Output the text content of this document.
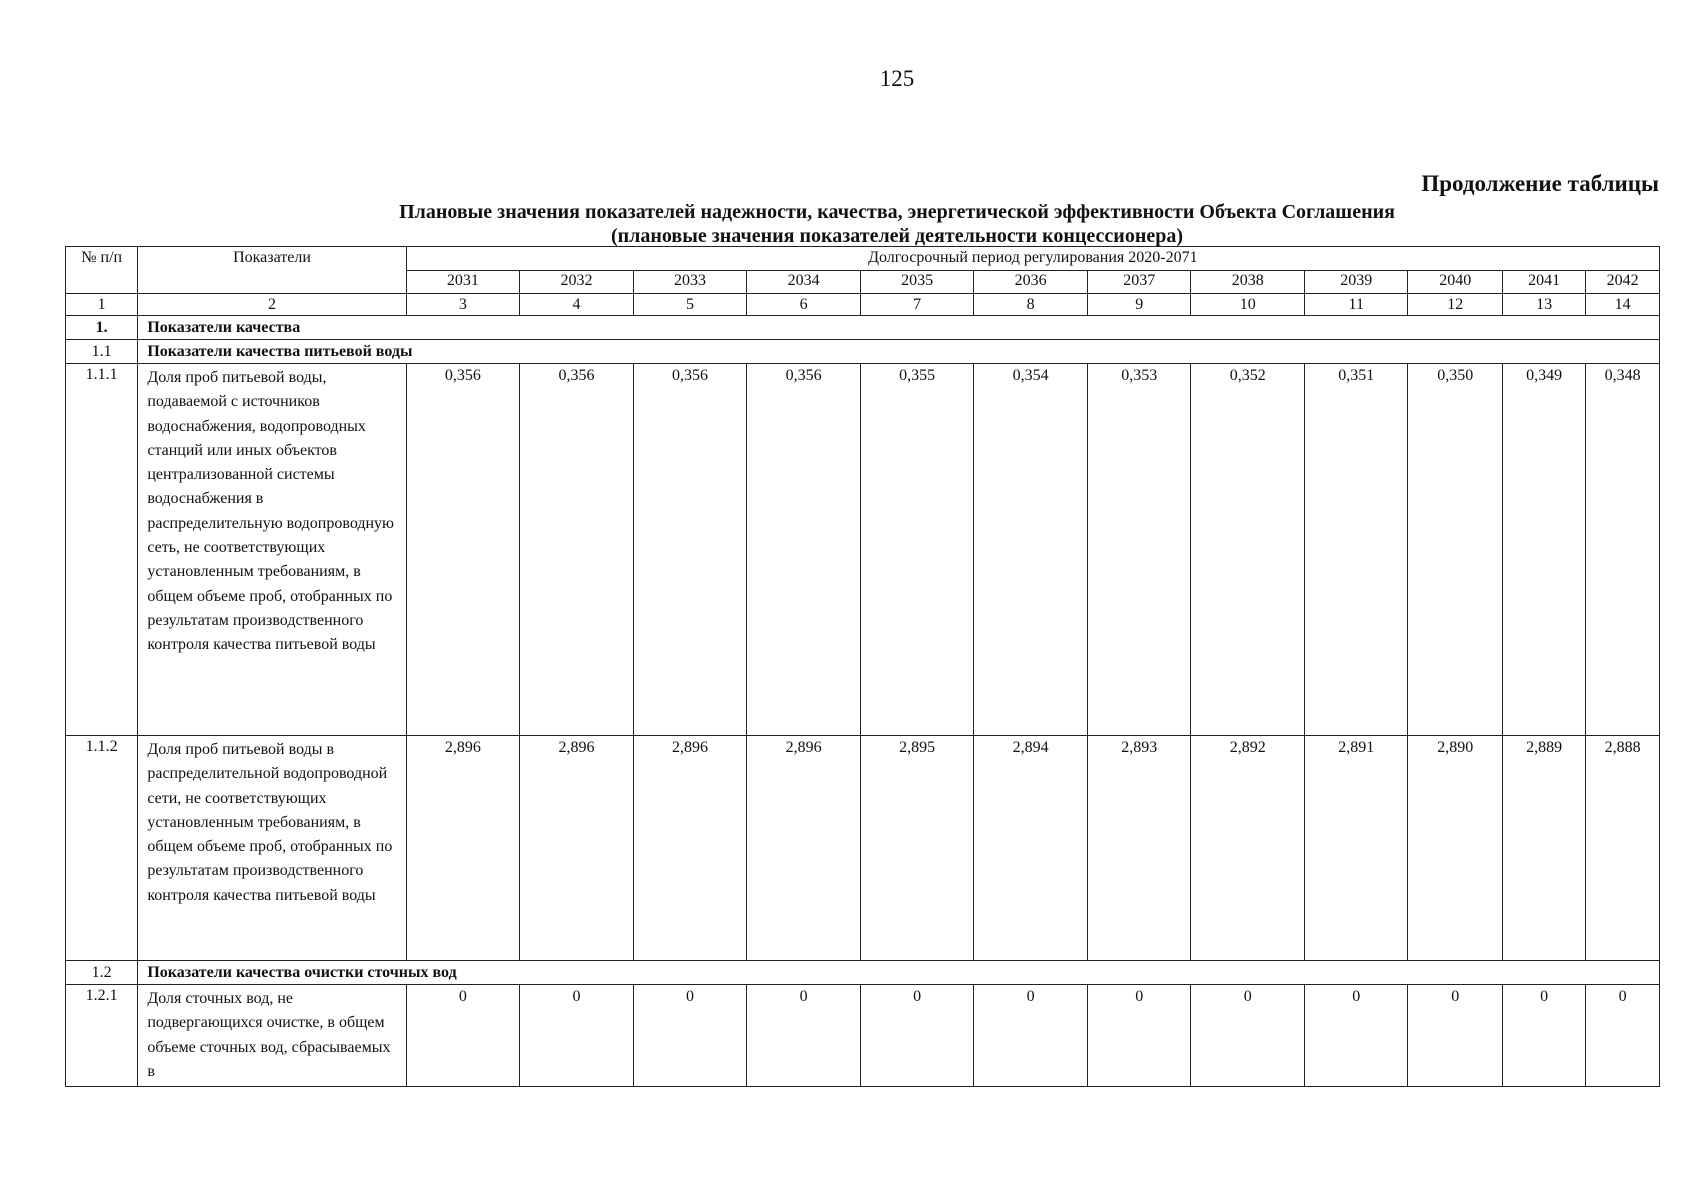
125
Продолжение таблицы
Плановые значения показателей надежности, качества, энергетической эффективности Объекта Соглашения
(плановые значения показателей деятельности концессионера)
№ п/п	Показатели	Долгосрочный период регулирования 2020-2071											
		2031	2032	2033	2034	2035	2036	2037	2038	2039	2040	2041	2042
1	2	3	4	5	6	7	8	9	10	11	12	13	14
1.	Показатели качества												
1.1	Показатели качества питьевой воды												
1.1.1	Доля проб питьевой воды, подаваемой с источников водоснабжения, водопроводных станций или иных объектов централизованной системы водоснабжения в распределительную водопроводную сеть, не соответствующих установленным требованиям, в общем объеме проб, отобранных по результатам производственного контроля качества питьевой воды	0,356	0,356	0,356	0,356	0,355	0,354	0,353	0,352	0,351	0,350	0,349	0,348
1.1.2	Доля проб питьевой воды в распределительной водопроводной сети, не соответствующих установленным требованиям, в общем объеме проб, отобранных по результатам производственного контроля качества питьевой воды	2,896	2,896	2,896	2,896	2,895	2,894	2,893	2,892	2,891	2,890	2,889	2,888
1.2	Показатели качества очистки сточных вод												
1.2.1	Доля сточных вод, не подвергающихся очистке, в общем объеме сточных вод, сбрасываемых в	0	0	0	0	0	0	0	0	0	0	0	0
